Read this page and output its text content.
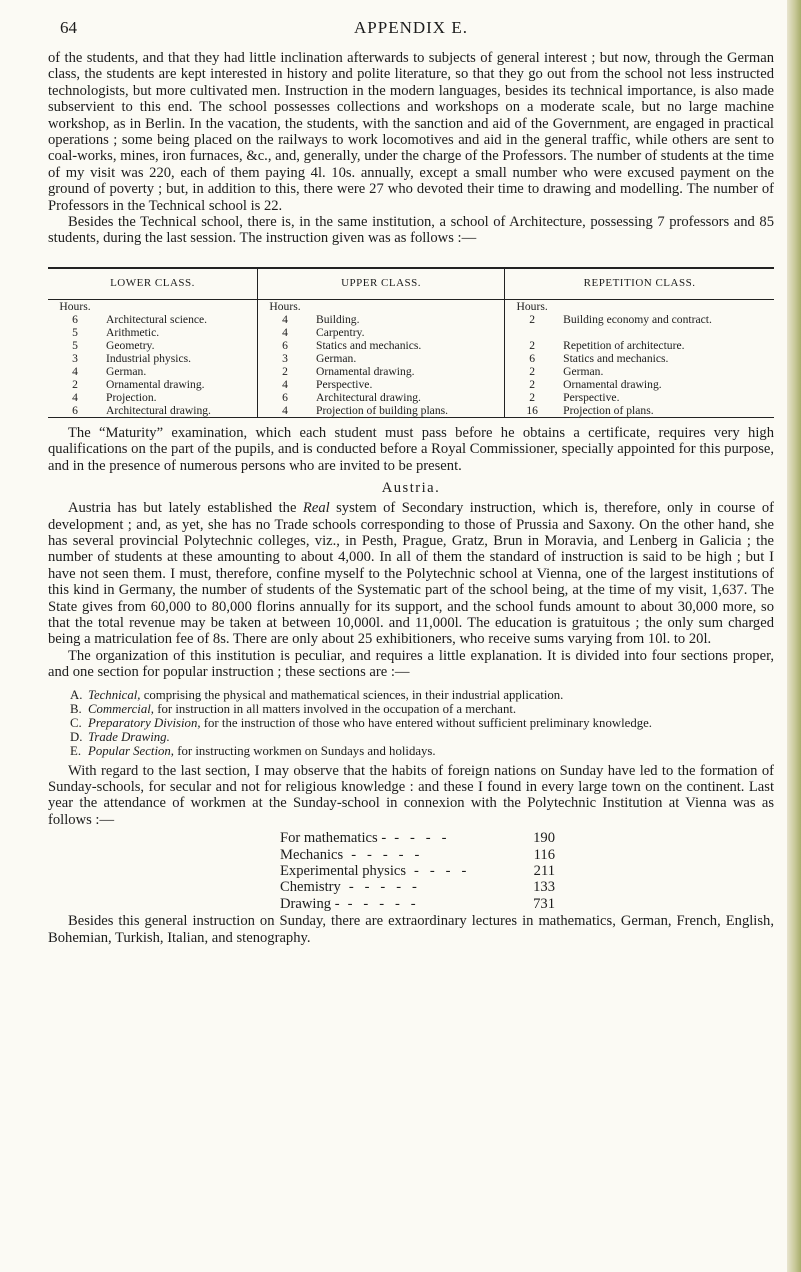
64	APPENDIX E.

of the students, and that they had little inclination afterwards to subjects of general interest ; but now, through the German class, the students are kept interested in history and polite literature, so that they go out from the school not less instructed technologists, but more cultivated men. Instruction in the modern languages, besides its technical importance, is also made subservient to this end. The school possesses collections and workshops on a moderate scale, but no large machine workshop, as in Berlin. In the vacation, the students, with the sanction and aid of the Government, are engaged in practical operations ; some being placed on the railways to work locomotives and aid in the general traffic, while others are sent to coal-works, mines, iron furnaces, &c., and, generally, under the charge of the Professors. The number of students at the time of my visit was 220, each of them paying 4l. 10s. annually, except a small number who were excused payment on the ground of poverty ; but, in addition to this, there were 27 who devoted their time to drawing and modelling. The number of Professors in the Technical school is 22.

Besides the Technical school, there is, in the same institution, a school of Architecture, possessing 7 professors and 85 students, during the last session. The instruction given was as follows :—

LOWER CLASS.		UPPER CLASS.		REPETITION CLASS.	
Hours.		Hours.		Hours.	
6	Architectural science.	4	Building.	2	Building economy and contract.
5	Arithmetic.	4	Carpentry.		
5	Geometry.	6	Statics and mechanics.	2	Repetition of architecture.
3	Industrial physics.	3	German.	6	Statics and mechanics.
4	German.	2	Ornamental drawing.	2	German.
2	Ornamental drawing.	4	Perspective.	2	Ornamental drawing.
4	Projection.	6	Architectural drawing.	2	Perspective.
6	Architectural drawing.	4	Projection of building plans.	16	Projection of plans.

The “Maturity” examination, which each student must pass before he obtains a certificate, requires very high qualifications on the part of the pupils, and is conducted before a Royal Commissioner, specially appointed for this purpose, and in the presence of numerous persons who are invited to be present.

Austria.

Austria has but lately established the Real system of Secondary instruction, which is, therefore, only in course of development ; and, as yet, she has no Trade schools corresponding to those of Prussia and Saxony. On the other hand, she has several provincial Polytechnic colleges, viz., in Pesth, Prague, Gratz, Brun in Moravia, and Lenberg in Galicia ; the number of students at these amounting to about 4,000. In all of them the standard of instruction is said to be high ; but I have not seen them. I must, therefore, confine myself to the Polytechnic school at Vienna, one of the largest institutions of this kind in Germany, the number of students of the Systematic part of the school being, at the time of my visit, 1,637. The State gives from 60,000 to 80,000 florins annually for its support, and the school funds amount to about 30,000 more, so that the total revenue may be taken at between 10,000l. and 11,000l. The education is gratuitous ; the only sum charged being a matriculation fee of 8s. There are only about 25 exhibitioners, who receive sums varying from 10l. to 20l.

The organization of this institution is peculiar, and requires a little explanation. It is divided into four sections proper, and one section for popular instruction ; these sections are :—

A. Technical, comprising the physical and mathematical sciences, in their industrial application.
B. Commercial, for instruction in all matters involved in the occupation of a merchant.
C. Preparatory Division, for the instruction of those who have entered without sufficient preliminary knowledge.
D. Trade Drawing.
E. Popular Section, for instructing workmen on Sundays and holidays.

With regard to the last section, I may observe that the habits of foreign nations on Sunday have led to the formation of Sunday-schools, for secular and not for religious knowledge : and these I found in every large town on the continent. Last year the attendance of workmen at the Sunday-school in connexion with the Polytechnic Institution at Vienna was as follows :—

For mathematics - -   -   -   -	190
Mechanics -   -   -   -   -	116
Experimental physics -   -   -   -	211
Chemistry -   -   -   -   -	133
Drawing - -   -   -   -   -	731

Besides this general instruction on Sunday, there are extraordinary lectures in mathematics, German, French, English, Bohemian, Turkish, Italian, and stenography.
